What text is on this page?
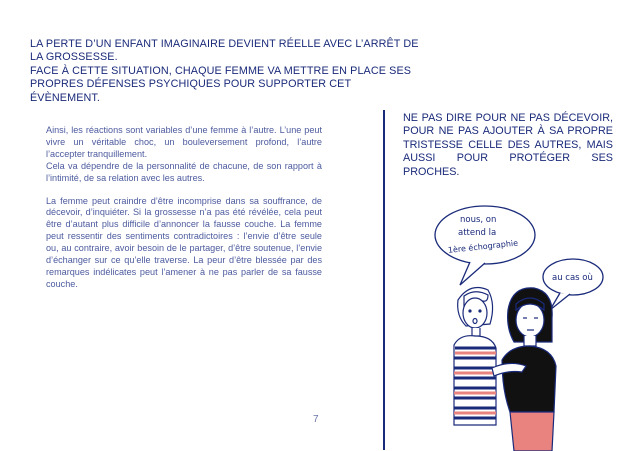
LA PERTE D’UN ENFANT IMAGINAIRE DEVIENT RÉELLE AVEC L’ARRÊT DE LA GROSSESSE.

FACE À CETTE SITUATION, CHAQUE FEMME VA METTRE EN PLACE SES PROPRES DÉFENSES PSYCHIQUES POUR SUPPORTER CET ÉVÈNEMENT.

Ainsi, les réactions sont variables d’une femme à l’autre. L’une peut vivre un véritable choc, un bouleversement profond, l’autre l’accepter tranquillement.

Cela va dépendre de la personnalité de chacune, de son rapport à l’intimité, de sa relation avec les autres.

La femme peut craindre d’être incomprise dans sa souffrance, de décevoir, d’inquiéter. Si la grossesse n’a pas été révélée, cela peut être d’autant plus difficile d’annoncer la fausse couche. La femme peut ressentir des sentiments contradictoires : l’envie d’être seule ou, au contraire, avoir besoin de le partager, d’être soutenue, l’envie d’échanger sur ce qu’elle traverse. La peur d’être blessée par des remarques indélicates peut l’amener à ne pas parler de sa fausse couche.

7

NE PAS DIRE POUR NE PAS DÉCEVOIR, POUR NE PAS AJOUTER À SA PROPRE TRISTESSE CELLE DES AUTRES, MAIS AUSSI POUR PROTÉGER SES PROCHES.

nous, on
attend la
1ère échographie
au cas où
